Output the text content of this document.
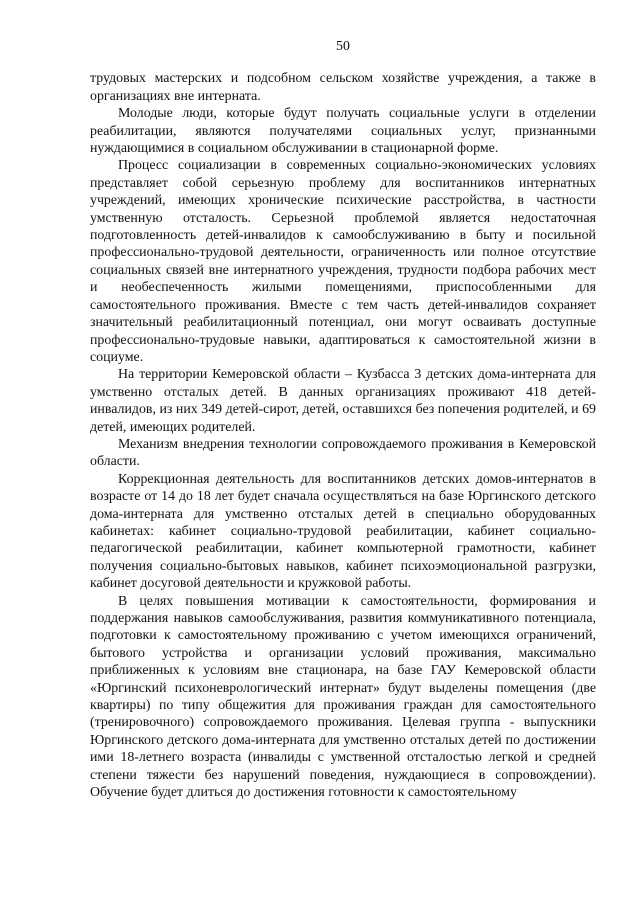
50

трудовых мастерских и подсобном сельском хозяйстве учреждения, а также в организациях вне интерната.

Молодые люди, которые будут получать социальные услуги в отделении реабилитации, являются получателями социальных услуг, признанными нуждающимися в социальном обслуживании в стационарной форме.

Процесс социализации в современных социально-экономических условиях представляет собой серьезную проблему для воспитанников интернатных учреждений, имеющих хронические психические расстройства, в частности умственную отсталость. Серьезной проблемой является недостаточная подготовленность детей-инвалидов к самообслуживанию в быту и посильной профессионально-трудовой деятельности, ограниченность или полное отсутствие социальных связей вне интернатного учреждения, трудности подбора рабочих мест и необеспеченность жилыми помещениями, приспособленными для самостоятельного проживания. Вместе с тем часть детей-инвалидов сохраняет значительный реабилитационный потенциал, они могут осваивать доступные профессионально-трудовые навыки, адаптироваться к самостоятельной жизни в социуме.

На территории Кемеровской области – Кузбасса 3 детских дома-интерната для умственно отсталых детей. В данных организациях проживают 418 детей-инвалидов, из них 349 детей-сирот, детей, оставшихся без попечения родителей, и 69 детей, имеющих родителей.

Механизм внедрения технологии сопровождаемого проживания в Кемеровской области.

Коррекционная деятельность для воспитанников детских домов-интернатов в возрасте от 14 до 18 лет будет сначала осуществляться на базе Юргинского детского дома-интерната для умственно отсталых детей в специально оборудованных кабинетах: кабинет социально-трудовой реабилитации, кабинет социально-педагогической реабилитации, кабинет компьютерной грамотности, кабинет получения социально-бытовых навыков, кабинет психоэмоциональной разгрузки, кабинет досуговой деятельности и кружковой работы.

В целях повышения мотивации к самостоятельности, формирования и поддержания навыков самообслуживания, развития коммуникативного потенциала, подготовки к самостоятельному проживанию с учетом имеющихся ограничений, бытового устройства и организации условий проживания, максимально приближенных к условиям вне стационара, на базе ГАУ Кемеровской области «Юргинский психоневрологический интернат» будут выделены помещения (две квартиры) по типу общежития для проживания граждан для самостоятельного (тренировочного) сопровождаемого проживания. Целевая группа - выпускники Юргинского детского дома-интерната для умственно отсталых детей по достижении ими 18-летнего возраста (инвалиды с умственной отсталостью легкой и средней степени тяжести без нарушений поведения, нуждающиеся в сопровождении). Обучение будет длиться до достижения готовности к самостоятельному
